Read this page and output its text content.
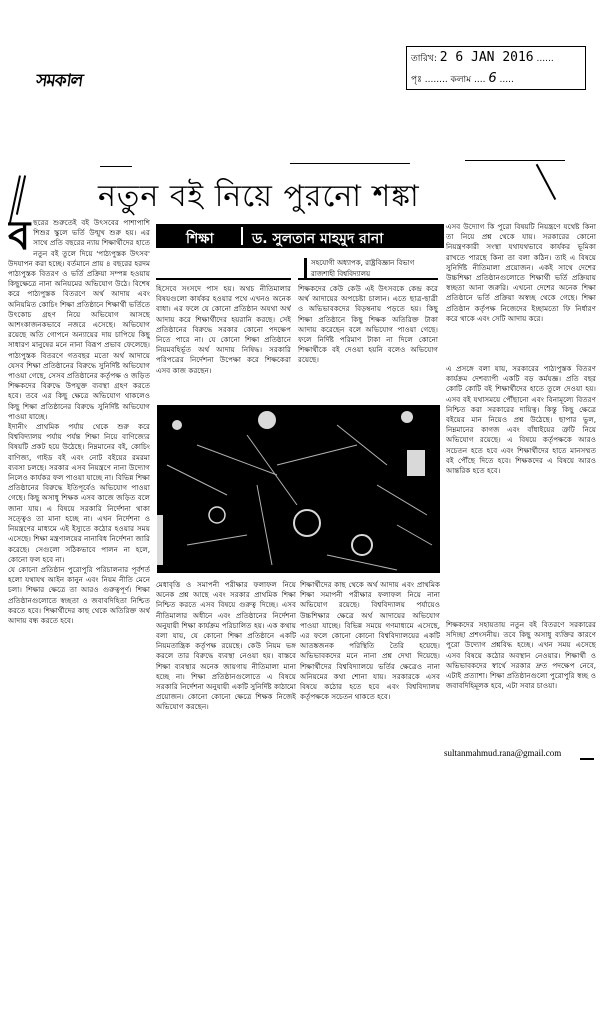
সমকাল
তারিখ: 2 6 JAN 2016 ......
পৃঃ ........ কলাম .... 6 .....
নতুন বই নিয়ে পুরনো শঙ্কা
শিক্ষা	ড. সুলতান মাহমুদ রানা
সহযোগী অধ্যাপক, রাষ্ট্রবিজ্ঞান বিভাগ
রাজশাহী বিশ্ববিদ্যালয়
ব ছরের শুরুতেই বই উৎসবের পাশাপাশি শিশুর স্কুলে ভর্তি উন্মুখ শুরু হয়। এর সাথে প্রতি বছরের ন্যায় শিক্ষার্থীদের হাতে নতুন বই তুলে দিয়ে 'পাঠ্যপুস্তক উৎসব' উদযাপন করা হচ্ছে। বর্তমানে প্রায় ৪ বছরের হরদম পাঠ্যপুস্তক বিতরণ ও ভর্তি প্রক্রিয়া সম্পন্ন হওয়ায় কিছুক্ষেত্রে নানা অনিয়মের অভিযোগ উঠে। বিশেষ করে পাঠ্যপুস্তক বিতরণে অর্থ আদায় এবং অনিয়মিত কোচিং শিক্ষা প্রতিষ্ঠানে শিক্ষার্থী ভর্তিতে উৎকোচ গ্রহণ নিয়ে অভিযোগ আসছে আশংকাজনকভাবে নজরে এসেছে। অভিযোগ রয়েছে অতি গোপনে অন্যায়ের দায় চাপিয়ে কিছু সাধারণ মানুষের মনে নানা বিরূপ প্রভাব ফেলেছে। পাঠ্যপুস্তক বিতরণে গতবছর মতো অর্থ আদায়ে যেসব শিক্ষা প্রতিষ্ঠানের বিরুদ্ধে সুনির্দিষ্ট অভিযোগ পাওয়া গেছে, সেসব প্রতিষ্ঠানের কর্তৃপক্ষ ও জড়িত শিক্ষকদের বিরুদ্ধে উপযুক্ত ব্যবস্থা গ্রহণ করতে হবে। তবে এর কিছু ক্ষেত্রে অভিযোগ থাকলেও কিছু শিক্ষা প্রতিষ্ঠানের বিরুদ্ধে সুনির্দিষ্ট অভিযোগ পাওয়া যাচ্ছে।
ইদানীং প্রাথমিক পর্যায় থেকে শুরু করে বিশ্ববিদ্যালয় পর্যায় পর্যন্ত শিক্ষা নিয়ে বাণিজ্যের বিষয়টি প্রকট হয়ে উঠেছে। নিম্নমানের বই, কোচিং বাণিজ্য, গাইড বই এবং নোট বইয়ের রমরমা ব্যবসা চলছে। সরকার এসব নিয়ন্ত্রণে নানা উদ্যোগ নিলেও কার্যকর ফল পাওয়া যাচ্ছে না। বিভিন্ন শিক্ষা প্রতিষ্ঠানের বিরুদ্ধে ইতিপূর্বেও অভিযোগ পাওয়া গেছে। কিছু অসাধু শিক্ষক এসব কাজে জড়িত বলে জানা যায়। এ বিষয়ে সরকারি নির্দেশনা থাকা সত্ত্বেও তা মানা হচ্ছে না। এখন নির্দেশনা ও নিয়ন্ত্রণের মাধ্যমে এই ইস্যুতে কঠোর হওয়ার সময় এসেছে। শিক্ষা মন্ত্রণালয়ের নানাবিধ নির্দেশনা জারি করেছে। সেগুলো সঠিকভাবে পালন না হলে, কোনো ফল হবে না।
যে কোনো প্রতিষ্ঠান পুরোপুরি পরিচালনার পূর্বশর্ত হলো যথাযথ আইন কানুন এবং নিয়ম নীতি মেনে চলা। শিক্ষার ক্ষেত্রে তা আরও গুরুত্বপূর্ণ। শিক্ষা প্রতিষ্ঠানগুলোতে স্বচ্ছতা ও জবাবদিহিতা নিশ্চিত করতে হবে। শিক্ষার্থীদের কাছ থেকে অতিরিক্ত অর্থ আদায় বন্ধ করতে হবে।
হিসেবে সংসদে পাস হয়। অথচ নীতিমালার বিষয়গুলো কার্যকর হওয়ার পথে এখনও অনেক বাধা। এর ফলে যে কোনো প্রতিষ্ঠান অযথা অর্থ আদায় করে শিক্ষার্থীদের হয়রানি করছে। সেই প্রতিষ্ঠানের বিরুদ্ধে সরকার কোনো পদক্ষেপ নিতে পারে না। যে কোনো শিক্ষা প্রতিষ্ঠানে নিয়মবহির্ভূত অর্থ আদায় নিষিদ্ধ। সরকারি পরিপত্রের নির্দেশনা উপেক্ষা করে শিক্ষকেরা এসব কাজ করছেন।
শিক্ষকদের কেউ কেউ এই উৎসবকে কেন্দ্র করে অর্থ আদায়ের অপচেষ্টা চালান। এতে ছাত্র-ছাত্রী ও অভিভাবকদের বিড়ম্বনায় পড়তে হয়। কিছু শিক্ষা প্রতিষ্ঠানে কিছু শিক্ষক অতিরিক্ত টাকা আদায় করেছেন বলে অভিযোগ পাওয়া গেছে। ফলে নির্দিষ্ট পরিমাণ টাকা না দিলে কোনো শিক্ষার্থীকে বই দেওয়া হয়নি বলেও অভিযোগ রয়েছে।
মেধাবৃত্তি ও সমাপনী পরীক্ষার ফলাফল নিয়ে অনেক প্রশ্ন আছে এবং সরকার প্রাথমিক শিক্ষা নিশ্চিত করতে এসব বিষয়ে গুরুত্ব দিচ্ছে। এসব নীতিমালার অধীনে এবং প্রতিষ্ঠানের নির্দেশনা অনুযায়ী শিক্ষা কার্যক্রম পরিচালিত হয়। এক কথায় বলা যায়, যে কোনো শিক্ষা প্রতিষ্ঠানে একটি নিয়মতান্ত্রিক কর্তৃপক্ষ রয়েছে। কেউ নিয়ম ভঙ্গ করলে তার বিরুদ্ধে ব্যবস্থা নেওয়া হয়। বাস্তবে শিক্ষা ব্যবস্থার অনেক জায়গায় নীতিমালা মানা হচ্ছে না। শিক্ষা প্রতিষ্ঠানগুলোতে এ বিষয়ে সরকারি নির্দেশনা অনুযায়ী একটি সুনির্দিষ্ট কাঠামো প্রয়োজন। কোনো কোনো ক্ষেত্রে শিক্ষক নিজেই অভিযোগ করছেন।
শিক্ষার্থীদের কাছ থেকে অর্থ আদায় এবং প্রাথমিক শিক্ষা সমাপনী পরীক্ষার ফলাফল নিয়ে নানা অভিযোগ রয়েছে। বিশ্ববিদ্যালয় পর্যায়েও উচ্চশিক্ষার ক্ষেত্রে অর্থ আদায়ের অভিযোগ পাওয়া যাচ্ছে। বিভিন্ন সময়ে গণমাধ্যমে এসেছে, এর ফলে কোনো কোনো বিশ্ববিদ্যালয়ের একটি আতঙ্কজনক পরিস্থিতি তৈরি হয়েছে। অভিভাবকদের মনে নানা প্রশ্ন দেখা দিয়েছে। শিক্ষার্থীদের বিশ্ববিদ্যালয়ে ভর্তির ক্ষেত্রেও নানা অনিয়মের কথা শোনা যায়। সরকারকে এসব বিষয়ে কঠোর হতে হবে এবং বিশ্ববিদ্যালয় কর্তৃপক্ষকে সচেতন থাকতে হবে।
এসব উদ্যোগ কি পুরো বিষয়টি নিয়ন্ত্রণে যথেষ্ট কিনা তা নিয়ে প্রশ্ন থেকে যায়। সরকারের কোনো নিয়ন্ত্রণকারী সংস্থা যথাযথভাবে কার্যকর ভূমিকা রাখতে পারছে কিনা তা বলা কঠিন। তাই এ বিষয়ে সুনির্দিষ্ট নীতিমালা প্রয়োজন। একই সাথে দেশের উচ্চশিক্ষা প্রতিষ্ঠানগুলোতে শিক্ষার্থী ভর্তি প্রক্রিয়ায় স্বচ্ছতা আনা জরুরি। এখনো দেশের অনেক শিক্ষা প্রতিষ্ঠানে ভর্তি প্রক্রিয়া অস্বচ্ছ থেকে গেছে। শিক্ষা প্রতিষ্ঠান কর্তৃপক্ষ নিজেদের ইচ্ছামতো ফি নির্ধারণ করে থাকে এবং সেটি আদায় করে।
এ প্রসঙ্গে বলা যায়, সরকারের পাঠ্যপুস্তক বিতরণ কার্যক্রম দেশব্যাপী একটি বড় কর্মযজ্ঞ। প্রতি বছর কোটি কোটি বই শিক্ষার্থীদের হাতে তুলে দেওয়া হয়। এসব বই যথাসময়ে পৌঁছানো এবং বিনামূল্যে বিতরণ নিশ্চিত করা সরকারের দায়িত্ব। কিন্তু কিছু ক্ষেত্রে বইয়ের মান নিয়েও প্রশ্ন উঠেছে। ছাপার ভুল, নিম্নমানের কাগজ এবং বাঁধাইয়ের ত্রুটি নিয়ে অভিযোগ রয়েছে। এ বিষয়ে কর্তৃপক্ষকে আরও সচেতন হতে হবে এবং শিক্ষার্থীদের হাতে মানসম্মত বই পৌঁছে দিতে হবে। শিক্ষকদের এ বিষয়ে আরও আন্তরিক হতে হবে।
শিক্ষকদের সহায়তায় নতুন বই বিতরণে সরকারের সদিচ্ছা প্রশংসনীয়। তবে কিছু অসাধু ব্যক্তির কারণে পুরো উদ্যোগ প্রশ্নবিদ্ধ হচ্ছে। এখন সময় এসেছে এসব বিষয়ে কঠোর অবস্থান নেওয়ার। শিক্ষার্থী ও অভিভাবকদের স্বার্থে সরকার দ্রুত পদক্ষেপ নেবে, এটাই প্রত্যাশা। শিক্ষা প্রতিষ্ঠানগুলো পুরোপুরি স্বচ্ছ ও জবাবদিহিমূলক হবে, এটা সবার চাওয়া।
sultanmahmud.rana@gmail.com
